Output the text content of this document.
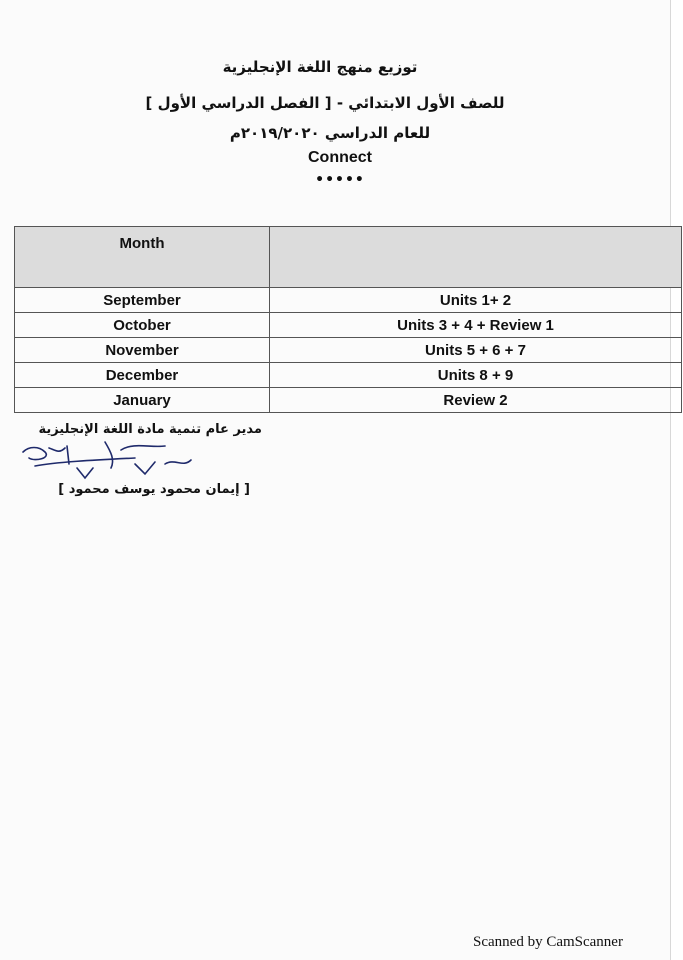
توزيع منهج اللغة الإنجليزية
للصف الأول الابتدائي - [ الفصل الدراسي الأول ]
للعام الدراسي ٢٠١٩/٢٠٢٠م
Connect
•••••
Month	
September	Units 1+ 2
October	Units 3 + 4 + Review 1
November	Units 5 + 6 + 7
December	Units 8 + 9
January	Review 2
مدير عام تنمية مادة اللغة الإنجليزية
[ إيمان محمود يوسف محمود ]
Scanned by CamScanner
